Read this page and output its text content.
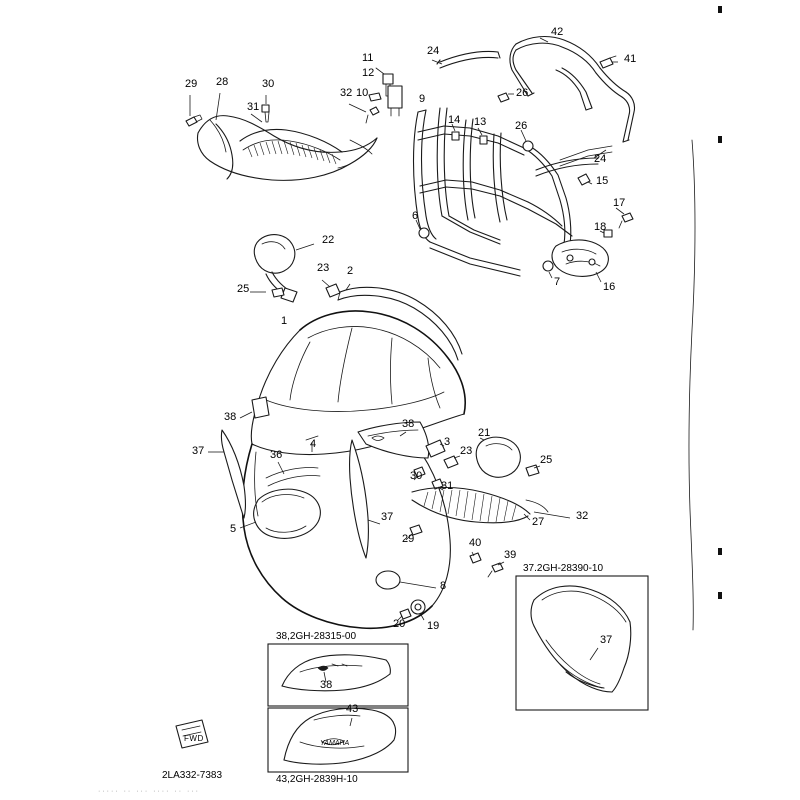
29 28	30
31
32 10
11
12
24
42
41
26
9
14 13	26
24
15
17
18
6
7	16
22
25
23 2
1
38
38
3
21
23
25
30
31
4
36
37
37
5
27	32
29	40
39
8
20 19
37.2GH-28390-10
37
38,2GH-28315-00
38
43,2GH-2839H-10
43
YAMAHA
2LA332-7383
FWD
····· ·· ··· ···· ·· ···
